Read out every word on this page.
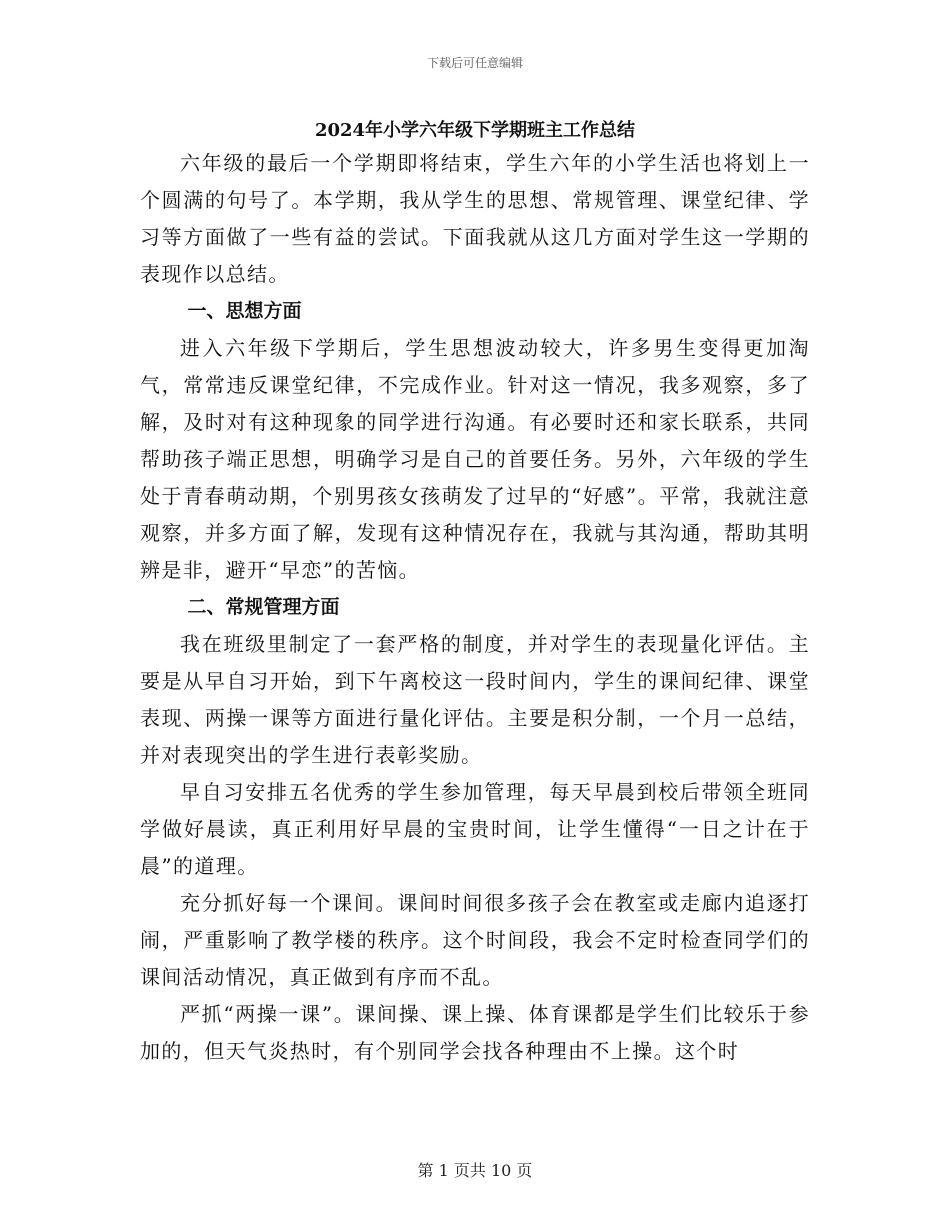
下载后可任意编辑
2024年小学六年级下学期班主工作总结

六年级的最后一个学期即将结束，学生六年的小学生活也将划上一个圆满的句号了。本学期，我从学生的思想、常规管理、课堂纪律、学习等方面做了一些有益的尝试。下面我就从这几方面对学生这一学期的表现作以总结。

一、思想方面

进入六年级下学期后，学生思想波动较大，许多男生变得更加淘气，常常违反课堂纪律，不完成作业。针对这一情况，我多观察，多了解，及时对有这种现象的同学进行沟通。有必要时还和家长联系，共同帮助孩子端正思想，明确学习是自己的首要任务。另外，六年级的学生处于青春萌动期，个别男孩女孩萌发了过早的“好感”。平常，我就注意观察，并多方面了解，发现有这种情况存在，我就与其沟通，帮助其明辨是非，避开“早恋”的苦恼。

二、常规管理方面

我在班级里制定了一套严格的制度，并对学生的表现量化评估。主要是从早自习开始，到下午离校这一段时间内，学生的课间纪律、课堂表现、两操一课等方面进行量化评估。主要是积分制，一个月一总结，并对表现突出的学生进行表彰奖励。

早自习安排五名优秀的学生参加管理，每天早晨到校后带领全班同学做好晨读，真正利用好早晨的宝贵时间，让学生懂得“一日之计在于晨”的道理。

充分抓好每一个课间。课间时间很多孩子会在教室或走廊内追逐打闹，严重影响了教学楼的秩序。这个时间段，我会不定时检查同学们的课间活动情况，真正做到有序而不乱。

严抓“两操一课”。课间操、课上操、体育课都是学生们比较乐于参加的，但天气炎热时，有个别同学会找各种理由不上操。这个时

第 1 页共 10 页
